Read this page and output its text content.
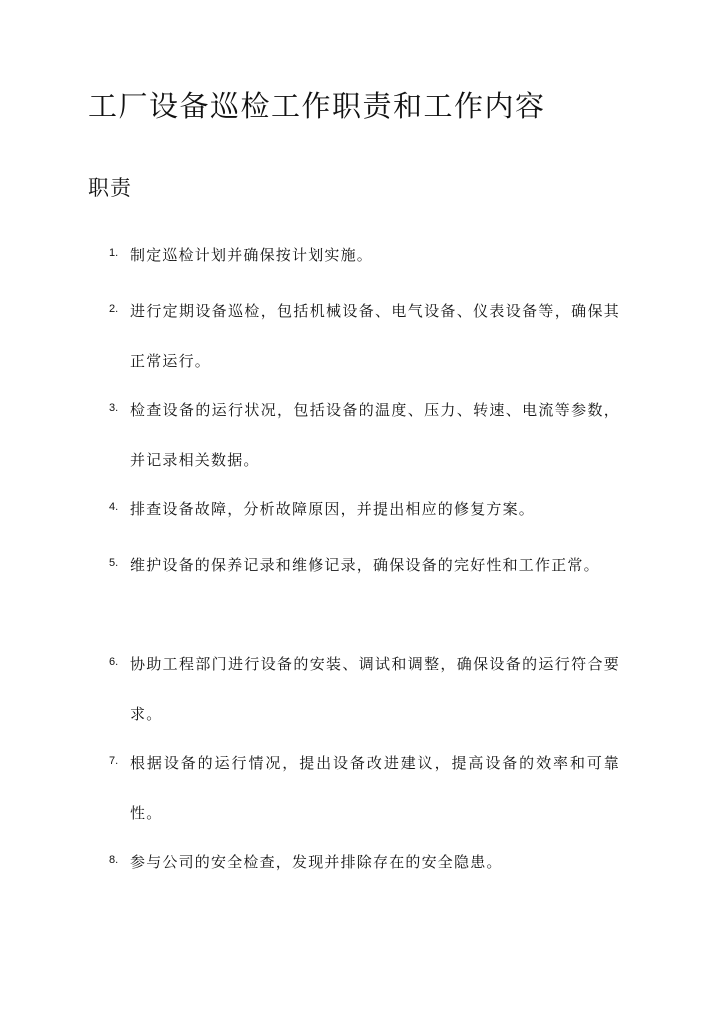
工厂设备巡检工作职责和工作内容
职责
1. 制定巡检计划并确保按计划实施。

2. 进行定期设备巡检，包括机械设备、电气设备、仪表设备等，确保其正常运行。

3. 检查设备的运行状况，包括设备的温度、压力、转速、电流等参数，并记录相关数据。

4. 排查设备故障，分析故障原因，并提出相应的修复方案。

5. 维护设备的保养记录和维修记录，确保设备的完好性和工作正常。

6. 协助工程部门进行设备的安装、调试和调整，确保设备的运行符合要求。

7. 根据设备的运行情况，提出设备改进建议，提高设备的效率和可靠性。

8. 参与公司的安全检查，发现并排除存在的安全隐患。
